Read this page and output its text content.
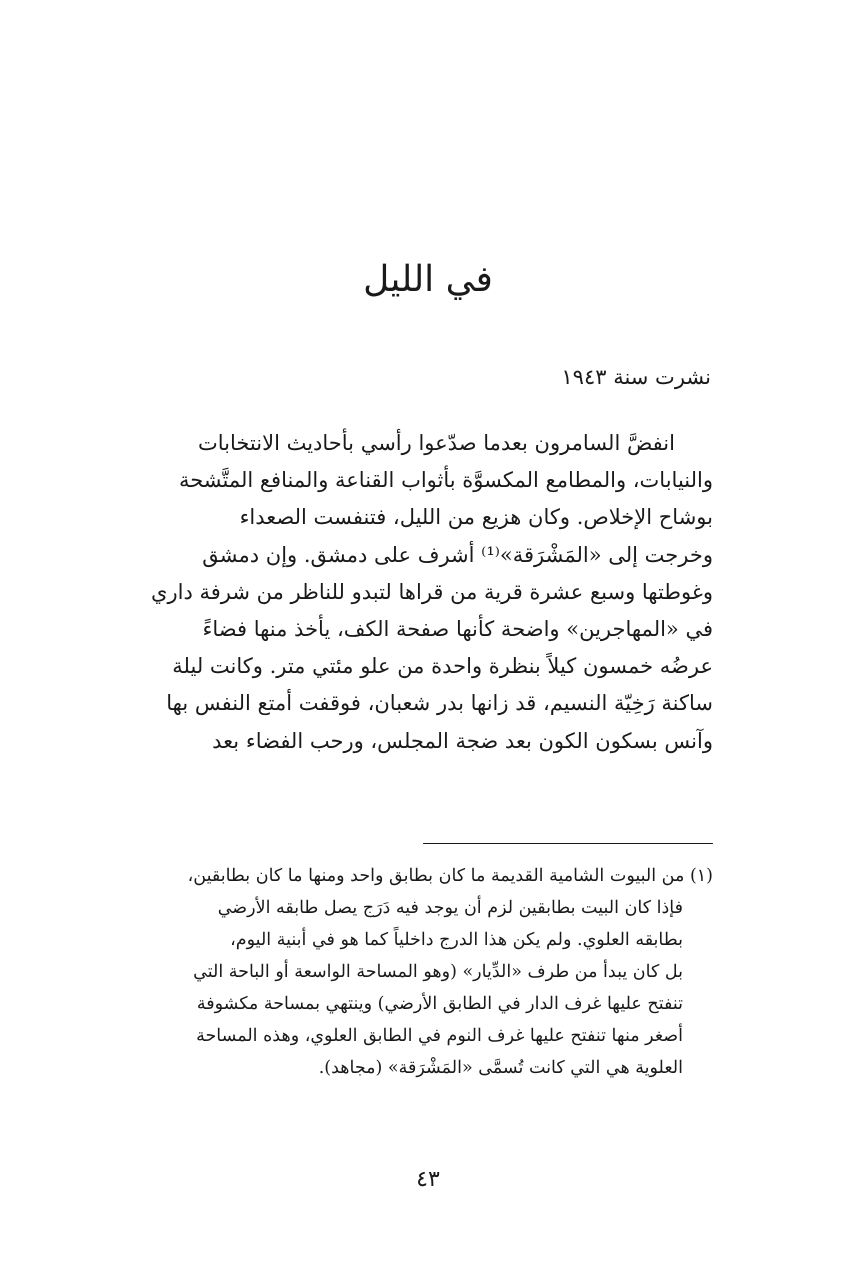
في الليل

نشرت سنة ١٩٤٣

انفضَّ السامرون بعدما صدّعوا رأسي بأحاديث الانتخابات
والنيابات، والمطامع المكسوَّة بأثواب القناعة والمنافع المتَّشحة
بوشاح الإخلاص. وكان هزيع من الليل، فتنفست الصعداء
وخرجت إلى «المَشْرَقة»⁽¹⁾ أشرف على دمشق. وإن دمشق
وغوطتها وسبع عشرة قرية من قراها لتبدو للناظر من شرفة داري
في «المهاجرين» واضحة كأنها صفحة الكف، يأخذ منها فضاءً
عرضُه خمسون كيلاً بنظرة واحدة من علو مئتي متر. وكانت ليلة
ساكنة رَخِيّة النسيم، قد زانها بدر شعبان، فوقفت أمتع النفس بها
وآنس بسكون الكون بعد ضجة المجلس، ورحب الفضاء بعد
(١) من البيوت الشامية القديمة ما كان بطابق واحد ومنها ما كان بطابقين،
فإذا كان البيت بطابقين لزم أن يوجد فيه دَرَج يصل طابقه الأرضي
بطابقه العلوي. ولم يكن هذا الدرج داخلياً كما هو في أبنية اليوم،
بل كان يبدأ من طرف «الدِّيار» (وهو المساحة الواسعة أو الباحة التي
تنفتح عليها غرف الدار في الطابق الأرضي) وينتهي بمساحة مكشوفة
أصغر منها تنفتح عليها غرف النوم في الطابق العلوي، وهذه المساحة
العلوية هي التي كانت تُسمَّى «المَشْرَقة» (مجاهد).
٤٣
